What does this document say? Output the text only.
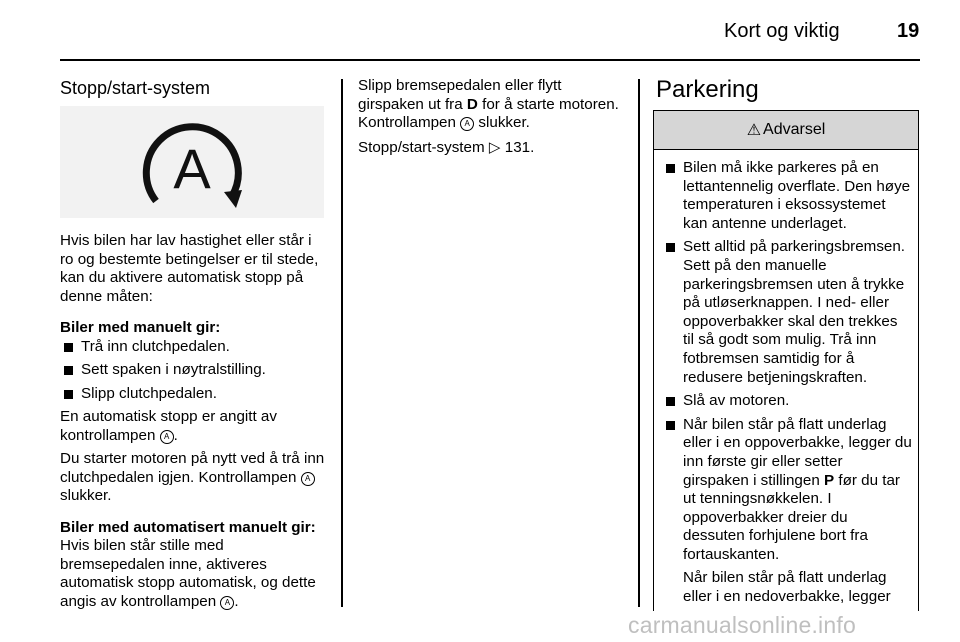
Kort og viktig	19
Stopp/start-system
A

Hvis bilen har lav hastighet eller står i ro og bestemte betingelser er til stede, kan du aktivere automatisk stopp på denne måten:

Biler med manuelt gir:

Trå inn clutchpedalen.
Sett spaken i nøytralstilling.
Slipp clutchpedalen.

En automatisk stopp er angitt av kontrollampen A .

Du starter motoren på nytt ved å trå inn clutchpedalen igjen. Kontrollampen A slukker.

Biler med automatisert manuelt gir:

Hvis bilen står stille med bremsepedalen inne, aktiveres automatisk stopp automatisk, og dette angis av kontrollampen A .

Slipp bremsepedalen eller flytt girspaken ut fra D for å starte motoren. Kontrollampen A slukker.

Stopp/start-system ▷ 131.

Parkering
⚠ Advarsel
Bilen må ikke parkeres på en lettantennelig overflate. Den høye temperaturen i eksossystemet kan antenne underlaget.
Sett alltid på parkeringsbremsen. Sett på den manuelle parkeringsbremsen uten å trykke på utløserknappen. I ned- eller oppoverbakker skal den trekkes til så godt som mulig. Trå inn fotbremsen samtidig for å redusere betjeningskraften.
Slå av motoren.
Når bilen står på flatt underlag eller i en oppoverbakke, legger du inn første gir eller setter girspaken i stillingen P før du tar ut tenningsnøkkelen. I oppoverbakker dreier du dessuten forhjulene bort fra fortauskanten.
Når bilen står på flatt underlag eller i en nedoverbakke, legger
carmanualsonline.info
